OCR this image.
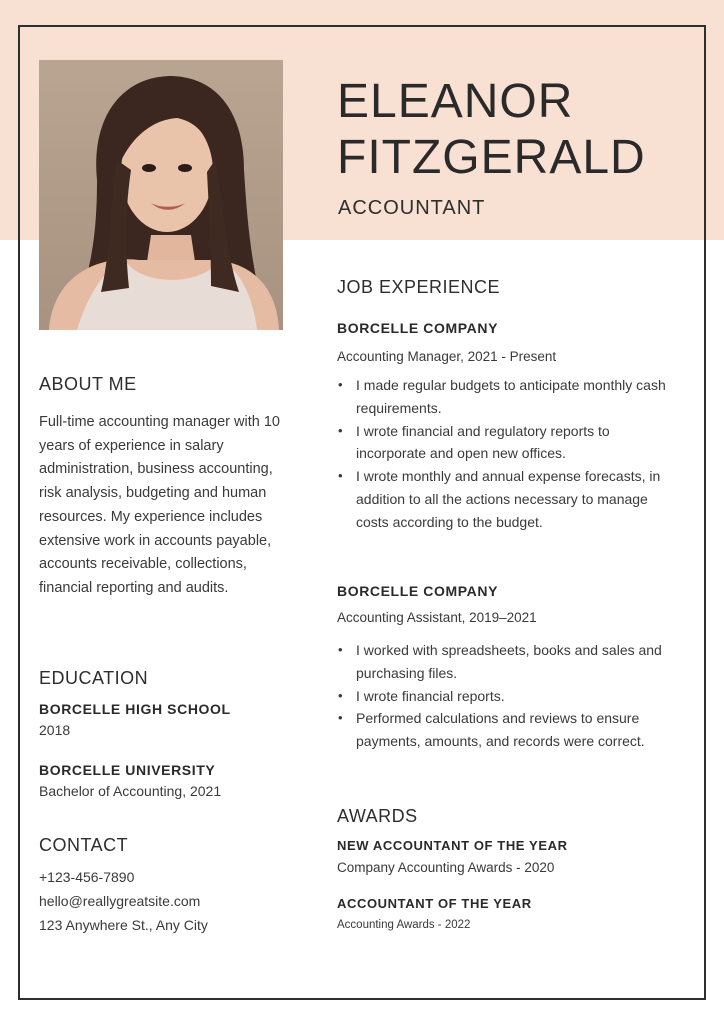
ELEANOR
FITZGERALD
ACCOUNTANT
ABOUT ME

Full-time accounting manager with 10 years of experience in salary administration, business accounting, risk analysis, budgeting and human resources. My experience includes extensive work in accounts payable, accounts receivable, collections, financial reporting and audits.

EDUCATION
BORCELLE HIGH SCHOOL
2018
BORCELLE UNIVERSITY
Bachelor of Accounting, 2021
CONTACT
+123-456-7890
hello@reallygreatsite.com
123 Anywhere St., Any City
JOB EXPERIENCE
BORCELLE COMPANY
Accounting Manager, 2021 - Present
• I made regular budgets to anticipate monthly cash requirements.
• I wrote financial and regulatory reports to incorporate and open new offices.
• I wrote monthly and annual expense forecasts, in addition to all the actions necessary to manage costs according to the budget.
BORCELLE COMPANY
Accounting Assistant, 2019–2021
• I worked with spreadsheets, books and sales and purchasing files.
• I wrote financial reports.
• Performed calculations and reviews to ensure payments, amounts, and records were correct.
AWARDS
NEW ACCOUNTANT OF THE YEAR
Company Accounting Awards - 2020
ACCOUNTANT OF THE YEAR
Accounting Awards - 2022
